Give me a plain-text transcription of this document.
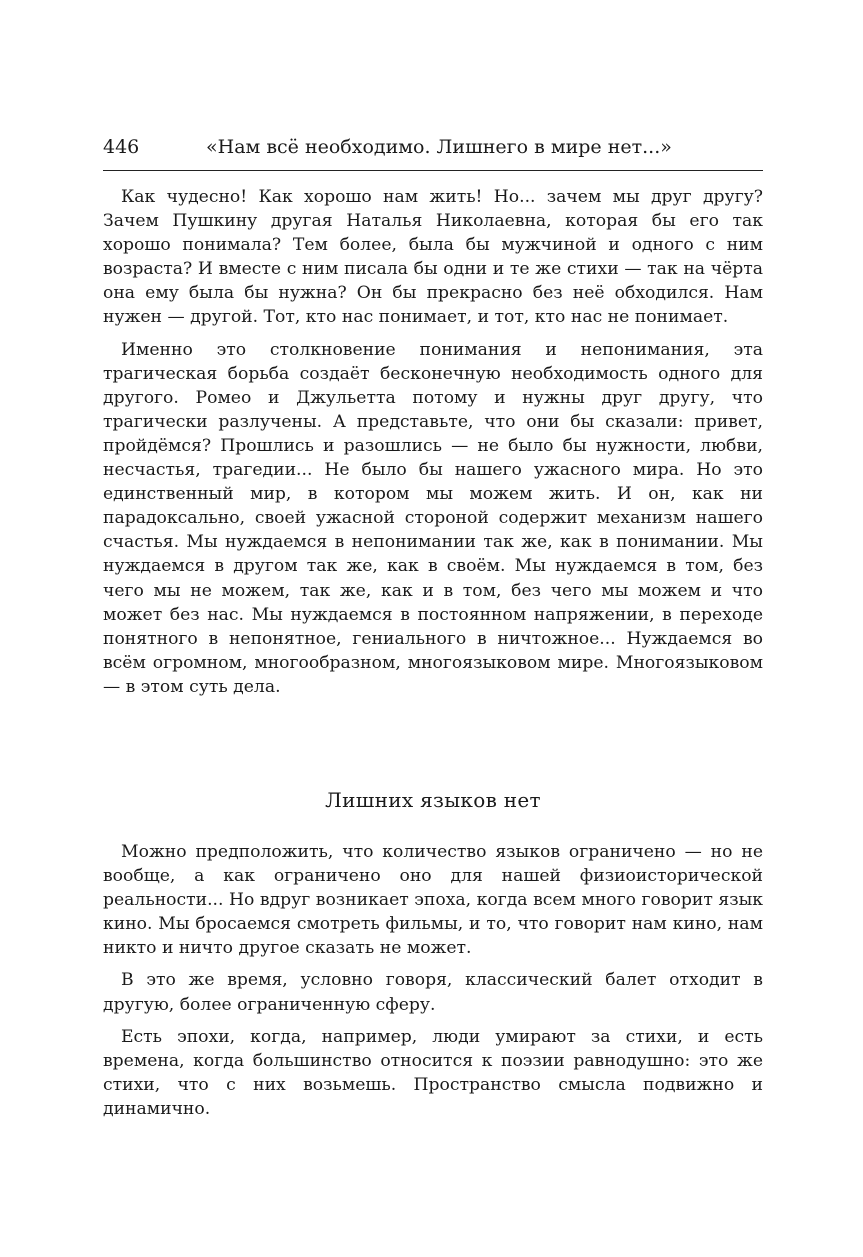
446	«Нам всё необходимо. Лишнего в мире нет...»

Как чудесно! Как хорошо нам жить! Но... зачем мы друг другу? Зачем Пушкину другая Наталья Николаевна, которая бы его так хорошо понимала? Тем более, была бы мужчиной и одного с ним возраста? И вместе с ним писала бы одни и те же стихи — так на чёрта она ему была бы нужна? Он бы прекрасно без неё обходился. Нам нужен — другой. Тот, кто нас понимает, и тот, кто нас не понимает.

Именно это столкновение понимания и непонимания, эта трагическая борьба создаёт бесконечную необходимость одного для другого. Ромео и Джульетта потому и нужны друг другу, что трагически разлучены. А представьте, что они бы сказали: привет, пройдёмся? Прошлись и разошлись — не было бы нужности, любви, несчастья, трагедии... Не было бы нашего ужасного мира. Но это единственный мир, в котором мы можем жить. И он, как ни парадоксально, своей ужасной стороной содержит механизм нашего счастья. Мы нуждаемся в непонимании так же, как в понимании. Мы нуждаемся в другом так же, как в своём. Мы нуждаемся в том, без чего мы не можем, так же, как и в том, без чего мы можем и что может без нас. Мы нуждаемся в постоянном напряжении, в переходе понятного в непонятное, гениального в ничтожное... Нуждаемся во всём огромном, многообразном, многоязыковом мире. Многоязыковом — в этом суть дела.

Лишних языков нет

Можно предположить, что количество языков ограничено — но не вообще, а как ограничено оно для нашей физиоисторической реальности... Но вдруг возникает эпоха, когда всем много говорит язык кино. Мы бросаемся смотреть фильмы, и то, что говорит нам кино, нам никто и ничто другое сказать не может.

В это же время, условно говоря, классический балет отходит в другую, более ограниченную сферу.

Есть эпохи, когда, например, люди умирают за стихи, и есть времена, когда большинство относится к поэзии равнодушно: это же стихи, что с них возьмешь. Пространство смысла подвижно и динамично.
